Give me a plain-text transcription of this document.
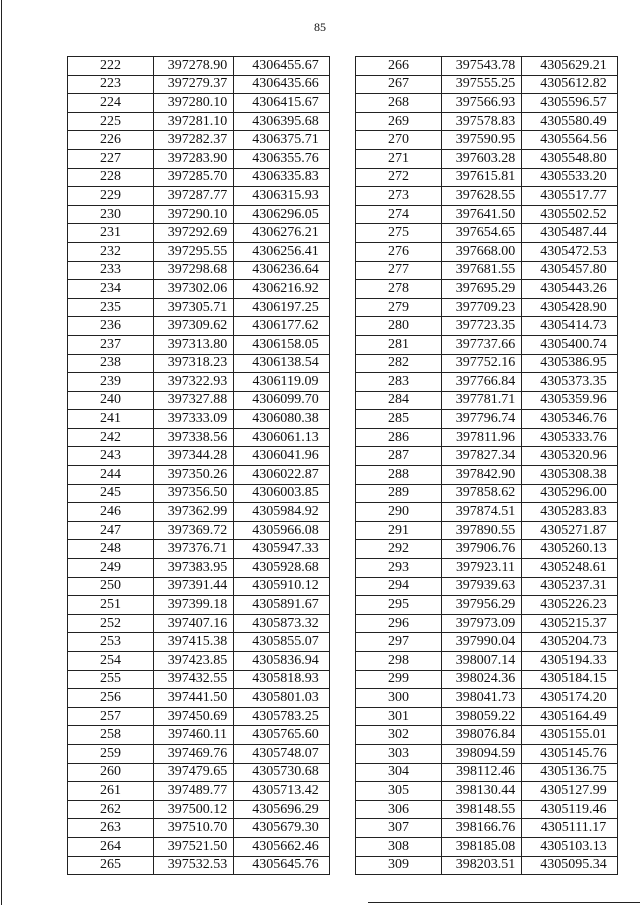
85
222	397278.90	4306455.67
223	397279.37	4306435.66
224	397280.10	4306415.67
225	397281.10	4306395.68
226	397282.37	4306375.71
227	397283.90	4306355.76
228	397285.70	4306335.83
229	397287.77	4306315.93
230	397290.10	4306296.05
231	397292.69	4306276.21
232	397295.55	4306256.41
233	397298.68	4306236.64
234	397302.06	4306216.92
235	397305.71	4306197.25
236	397309.62	4306177.62
237	397313.80	4306158.05
238	397318.23	4306138.54
239	397322.93	4306119.09
240	397327.88	4306099.70
241	397333.09	4306080.38
242	397338.56	4306061.13
243	397344.28	4306041.96
244	397350.26	4306022.87
245	397356.50	4306003.85
246	397362.99	4305984.92
247	397369.72	4305966.08
248	397376.71	4305947.33
249	397383.95	4305928.68
250	397391.44	4305910.12
251	397399.18	4305891.67
252	397407.16	4305873.32
253	397415.38	4305855.07
254	397423.85	4305836.94
255	397432.55	4305818.93
256	397441.50	4305801.03
257	397450.69	4305783.25
258	397460.11	4305765.60
259	397469.76	4305748.07
260	397479.65	4305730.68
261	397489.77	4305713.42
262	397500.12	4305696.29
263	397510.70	4305679.30
264	397521.50	4305662.46
265	397532.53	4305645.76
266	397543.78	4305629.21
267	397555.25	4305612.82
268	397566.93	4305596.57
269	397578.83	4305580.49
270	397590.95	4305564.56
271	397603.28	4305548.80
272	397615.81	4305533.20
273	397628.55	4305517.77
274	397641.50	4305502.52
275	397654.65	4305487.44
276	397668.00	4305472.53
277	397681.55	4305457.80
278	397695.29	4305443.26
279	397709.23	4305428.90
280	397723.35	4305414.73
281	397737.66	4305400.74
282	397752.16	4305386.95
283	397766.84	4305373.35
284	397781.71	4305359.96
285	397796.74	4305346.76
286	397811.96	4305333.76
287	397827.34	4305320.96
288	397842.90	4305308.38
289	397858.62	4305296.00
290	397874.51	4305283.83
291	397890.55	4305271.87
292	397906.76	4305260.13
293	397923.11	4305248.61
294	397939.63	4305237.31
295	397956.29	4305226.23
296	397973.09	4305215.37
297	397990.04	4305204.73
298	398007.14	4305194.33
299	398024.36	4305184.15
300	398041.73	4305174.20
301	398059.22	4305164.49
302	398076.84	4305155.01
303	398094.59	4305145.76
304	398112.46	4305136.75
305	398130.44	4305127.99
306	398148.55	4305119.46
307	398166.76	4305111.17
308	398185.08	4305103.13
309	398203.51	4305095.34
